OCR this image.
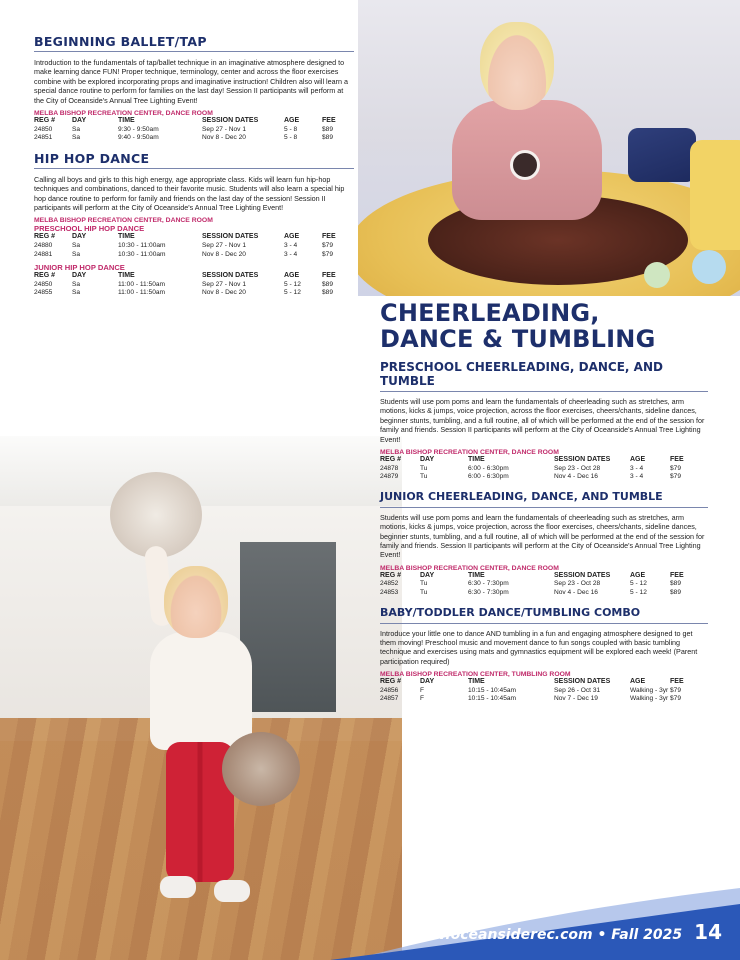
BEGINNING BALLET/TAP
Introduction to the fundamentals of tap/ballet technique in an imaginative atmosphere designed to make learning dance FUN! Proper technique, terminology, center and across the floor exercises combine with be explored incorporating props and imaginative instruction! Children also will learn a special dance routine to perform for families on the last day! Session II participants will perform at the City of Oceanside's Annual Tree Lighting Event!
MELBA BISHOP RECREATION CENTER, DANCE ROOM
REG #	DAY	TIME	SESSION DATES	AGE	FEE
24850	Sa	9:30 - 9:50am	Sep 27 - Nov 1	5 - 8	$89
24851	Sa	9:40 - 9:50am	Nov 8 - Dec 20	5 - 8	$89
HIP HOP DANCE
Calling all boys and girls to this high energy, age appropriate class. Kids will learn fun hip-hop techniques and combinations, danced to their favorite music. Students will also learn a special hip hop dance routine to perform for family and friends on the last day of the session! Session II participants will perform at the City of Oceanside's Annual Tree Lighting Event!
MELBA BISHOP RECREATION CENTER, DANCE ROOM
PRESCHOOL HIP HOP DANCE
REG #	DAY	TIME	SESSION DATES	AGE	FEE
24880	Sa	10:30 - 11:00am	Sep 27 - Nov 1	3 - 4	$79
24881	Sa	10:30 - 11:00am	Nov 8 - Dec 20	3 - 4	$79
JUNIOR HIP HOP DANCE
REG #	DAY	TIME	SESSION DATES	AGE	FEE
24850	Sa	11:00 - 11:50am	Sep 27 - Nov 1	5 - 12	$89
24855	Sa	11:00 - 11:50am	Nov 8 - Dec 20	5 - 12	$89
CHEERLEADING,
DANCE & TUMBLING
PRESCHOOL CHEERLEADING, DANCE, AND TUMBLE
Students will use pom poms and learn the fundamentals of cheerleading such as stretches, arm motions, kicks & jumps, voice projection, across the floor exercises, cheers/chants, sideline dances, beginner stunts, tumbling, and a full routine, all of which will be performed at the end of the session for family and friends. Session II participants will perform at the City of Oceanside's Annual Tree Lighting Event!
MELBA BISHOP RECREATION CENTER, DANCE ROOM
REG #	DAY	TIME	SESSION DATES	AGE	FEE
24878	Tu	6:00 - 6:30pm	Sep 23 - Oct 28	3 - 4	$79
24879	Tu	6:00 - 6:30pm	Nov 4 - Dec 16	3 - 4	$79
JUNIOR CHEERLEADING, DANCE, AND TUMBLE
Students will use pom poms and learn the fundamentals of cheerleading such as stretches, arm motions, kicks & jumps, voice projection, across the floor exercises, cheers/chants, sideline dances, beginner stunts, tumbling, and a full routine, all of which will be performed at the end of the session for family and friends. Session II participants will perform at the City of Oceanside's Annual Tree Lighting Event!
MELBA BISHOP RECREATION CENTER, DANCE ROOM
REG #	DAY	TIME	SESSION DATES	AGE	FEE
24852	Tu	6:30 - 7:30pm	Sep 23 - Oct 28	5 - 12	$89
24853	Tu	6:30 - 7:30pm	Nov 4 - Dec 16	5 - 12	$89
BABY/TODDLER DANCE/TUMBLING COMBO
Introduce your little one to dance AND tumbling in a fun and engaging atmosphere designed to get them moving! Preschool music and movement dance to fun songs coupled with basic tumbling technique and exercises using mats and gymnastics equipment will be explored each week! (Parent participation required)
MELBA BISHOP RECREATION CENTER, TUMBLING ROOM
REG #	DAY	TIME	SESSION DATES	AGE	FEE
24856	F	10:15 - 10:45am	Sep 26 - Oct 31	Walking - 3yr $79
24857	F	10:15 - 10:45am	Nov 7 - Dec 19	Walking - 3yr $79
www.oceansiderec.com • Fall 2025 14
